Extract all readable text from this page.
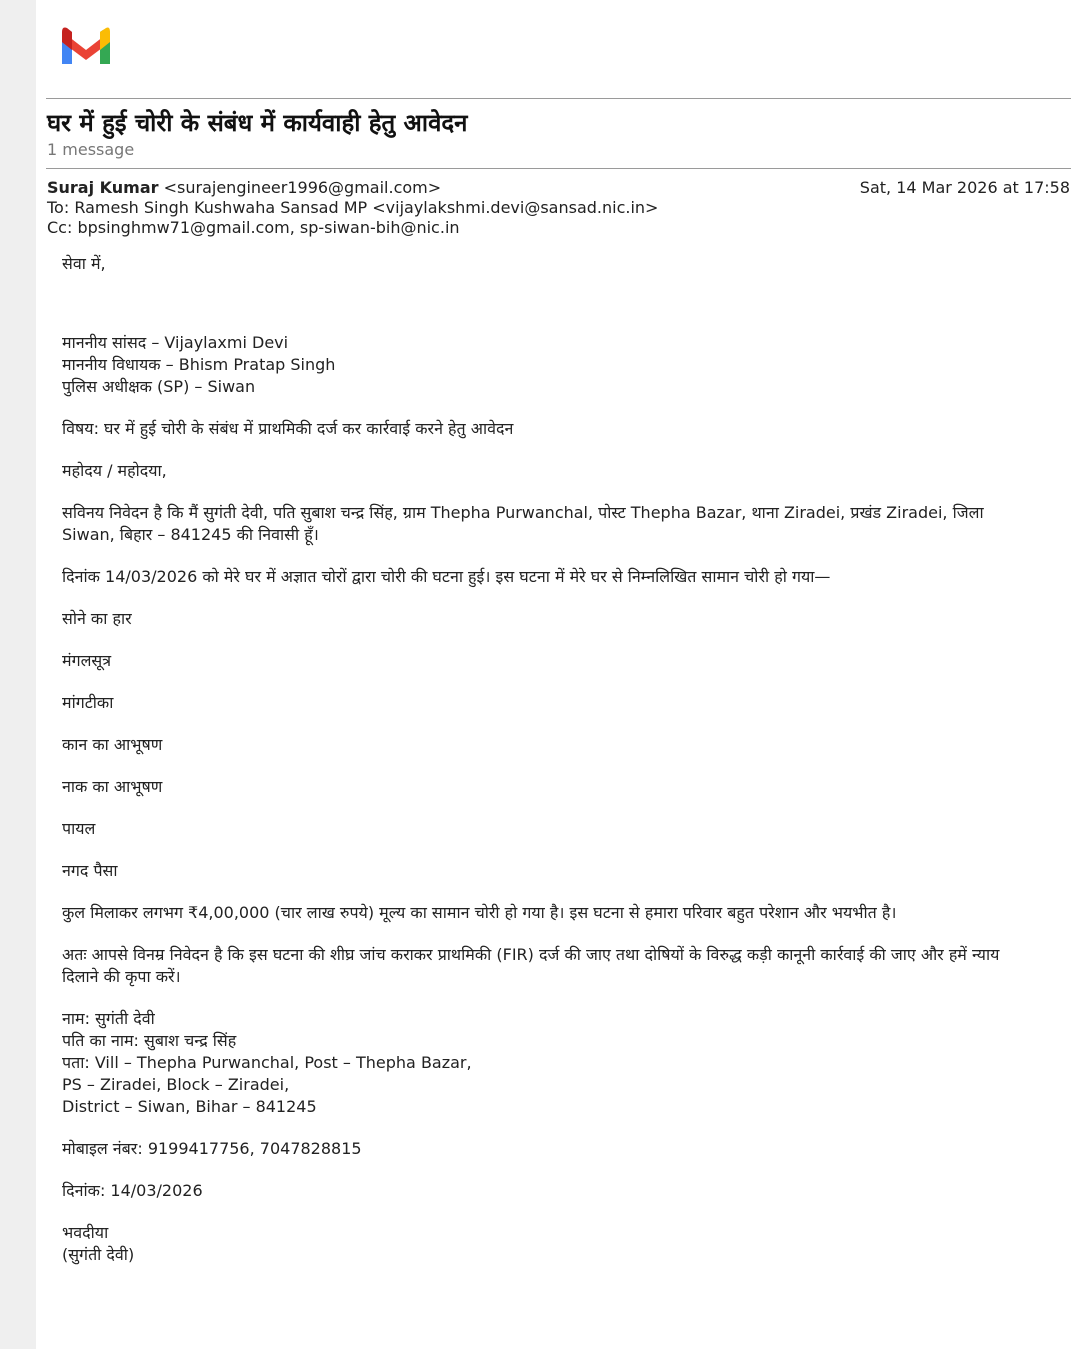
घर में हुई चोरी के संबंध में कार्यवाही हेतु आवेदन
1 message
Suraj Kumar <surajengineer1996@gmail.com>
To: Ramesh Singh Kushwaha Sansad MP <vijaylakshmi.devi@sansad.nic.in>
Cc: bpsinghmw71@gmail.com, sp-siwan-bih@nic.in
Sat, 14 Mar 2026 at 17:58

सेवा में,

माननीय सांसद – Vijaylaxmi Devi

माननीय विधायक – Bhism Pratap Singh

पुलिस अधीक्षक (SP) – Siwan

विषय: घर में हुई चोरी के संबंध में प्राथमिकी दर्ज कर कार्रवाई करने हेतु आवेदन

महोदय / महोदया,

सविनय निवेदन है कि मैं सुगंती देवी, पति सुबाश चन्द्र सिंह, ग्राम Thepha Purwanchal, पोस्ट Thepha Bazar, थाना Ziradei, प्रखंड Ziradei, जिला Siwan, बिहार – 841245 की निवासी हूँ।

दिनांक 14/03/2026 को मेरे घर में अज्ञात चोरों द्वारा चोरी की घटना हुई। इस घटना में मेरे घर से निम्नलिखित सामान चोरी हो गया—

सोने का हार

मंगलसूत्र

मांगटीका

कान का आभूषण

नाक का आभूषण

पायल

नगद पैसा

कुल मिलाकर लगभग ₹4,00,000 (चार लाख रुपये) मूल्य का सामान चोरी हो गया है। इस घटना से हमारा परिवार बहुत परेशान और भयभीत है।

अतः आपसे विनम्र निवेदन है कि इस घटना की शीघ्र जांच कराकर प्राथमिकी (FIR) दर्ज की जाए तथा दोषियों के विरुद्ध कड़ी कानूनी कार्रवाई की जाए और हमें न्याय दिलाने की कृपा करें।

नाम: सुगंती देवी

पति का नाम: सुबाश चन्द्र सिंह

पता: Vill – Thepha Purwanchal, Post – Thepha Bazar,

PS – Ziradei, Block – Ziradei,

District – Siwan, Bihar – 841245

मोबाइल नंबर: 9199417756, 7047828815

दिनांक: 14/03/2026

भवदीया

(सुगंती देवी)
